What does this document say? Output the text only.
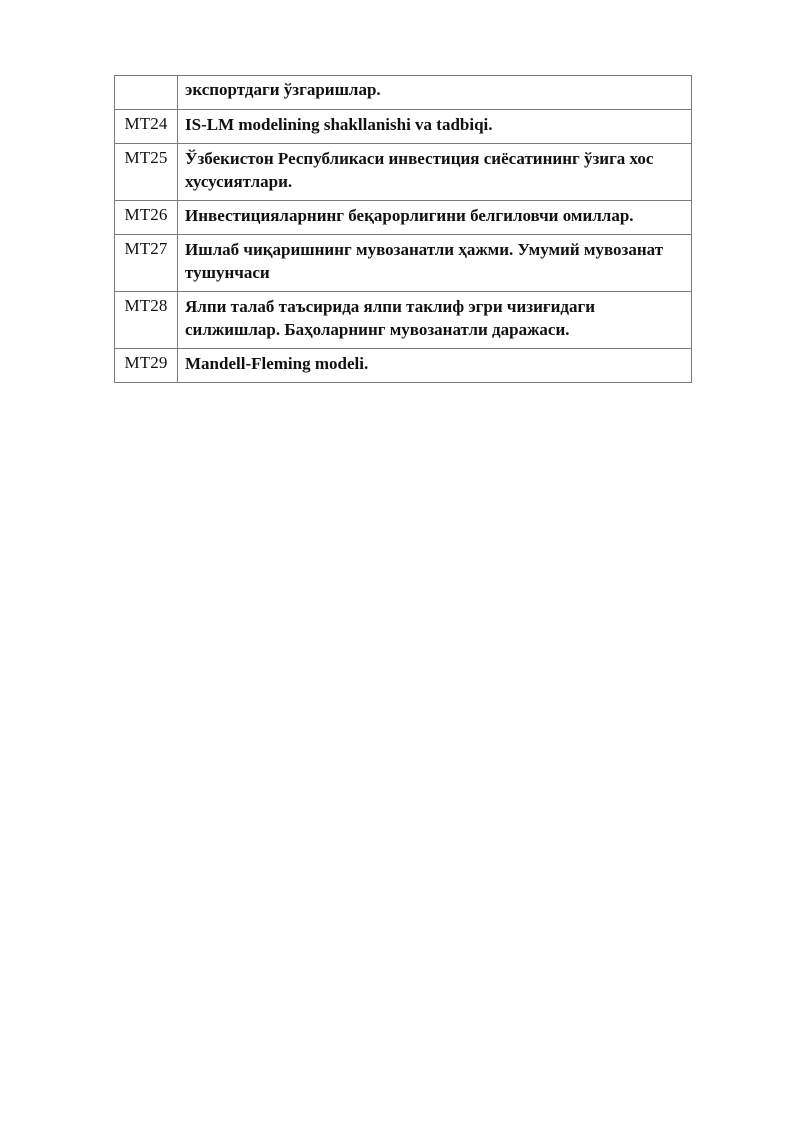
	экспортдаги ўзгаришлар.
MT24	IS-LM modelining shakllanishi va tadbiqi.
MT25	Ўзбекистон Республикаси инвестиция сиёсатининг ўзига хос хусусиятлари.
MT26	Инвестицияларнинг беқарорлигини белгиловчи омиллар.
MT27	Ишлаб чиқаришнинг мувозанатли ҳажми. Умумий мувозанат тушунчаси
MT28	Ялпи талаб таъсирида ялпи таклиф эгри чизиғидаги силжишлар. Баҳоларнинг мувозанатли даражаси.
MT29	Mandell-Fleming modeli.
